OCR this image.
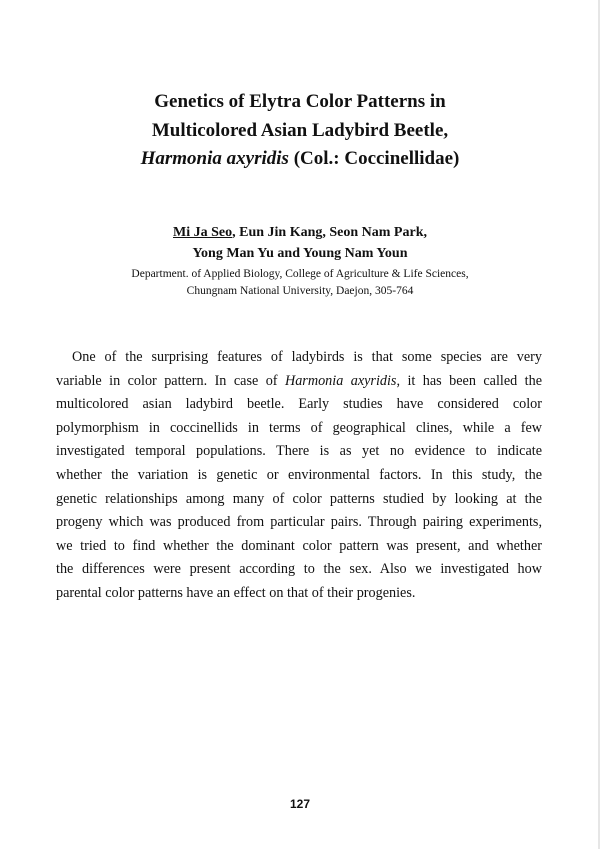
Genetics of Elytra Color Patterns in
Multicolored Asian Ladybird Beetle,
Harmonia axyridis (Col.: Coccinellidae)
Mi Ja Seo, Eun Jin Kang, Seon Nam Park,
Yong Man Yu and Young Nam Youn
Department. of Applied Biology, College of Agriculture & Life Sciences,
Chungnam National University, Daejon, 305-764
One of the surprising features of ladybirds is that some species are very
variable in color pattern. In case of Harmonia axyridis, it has been called the
multicolored asian ladybird beetle. Early studies have considered color
polymorphism in coccinellids in terms of geographical clines, while a few
investigated temporal populations. There is as yet no evidence to indicate
whether the variation is genetic or environmental factors. In this study, the
genetic relationships among many of color patterns studied by looking at the
progeny which was produced from particular pairs. Through pairing experiments,
we tried to find whether the dominant color pattern was present, and whether
the differences were present according to the sex. Also we investigated how
parental color patterns have an effect on that of their progenies.
127
